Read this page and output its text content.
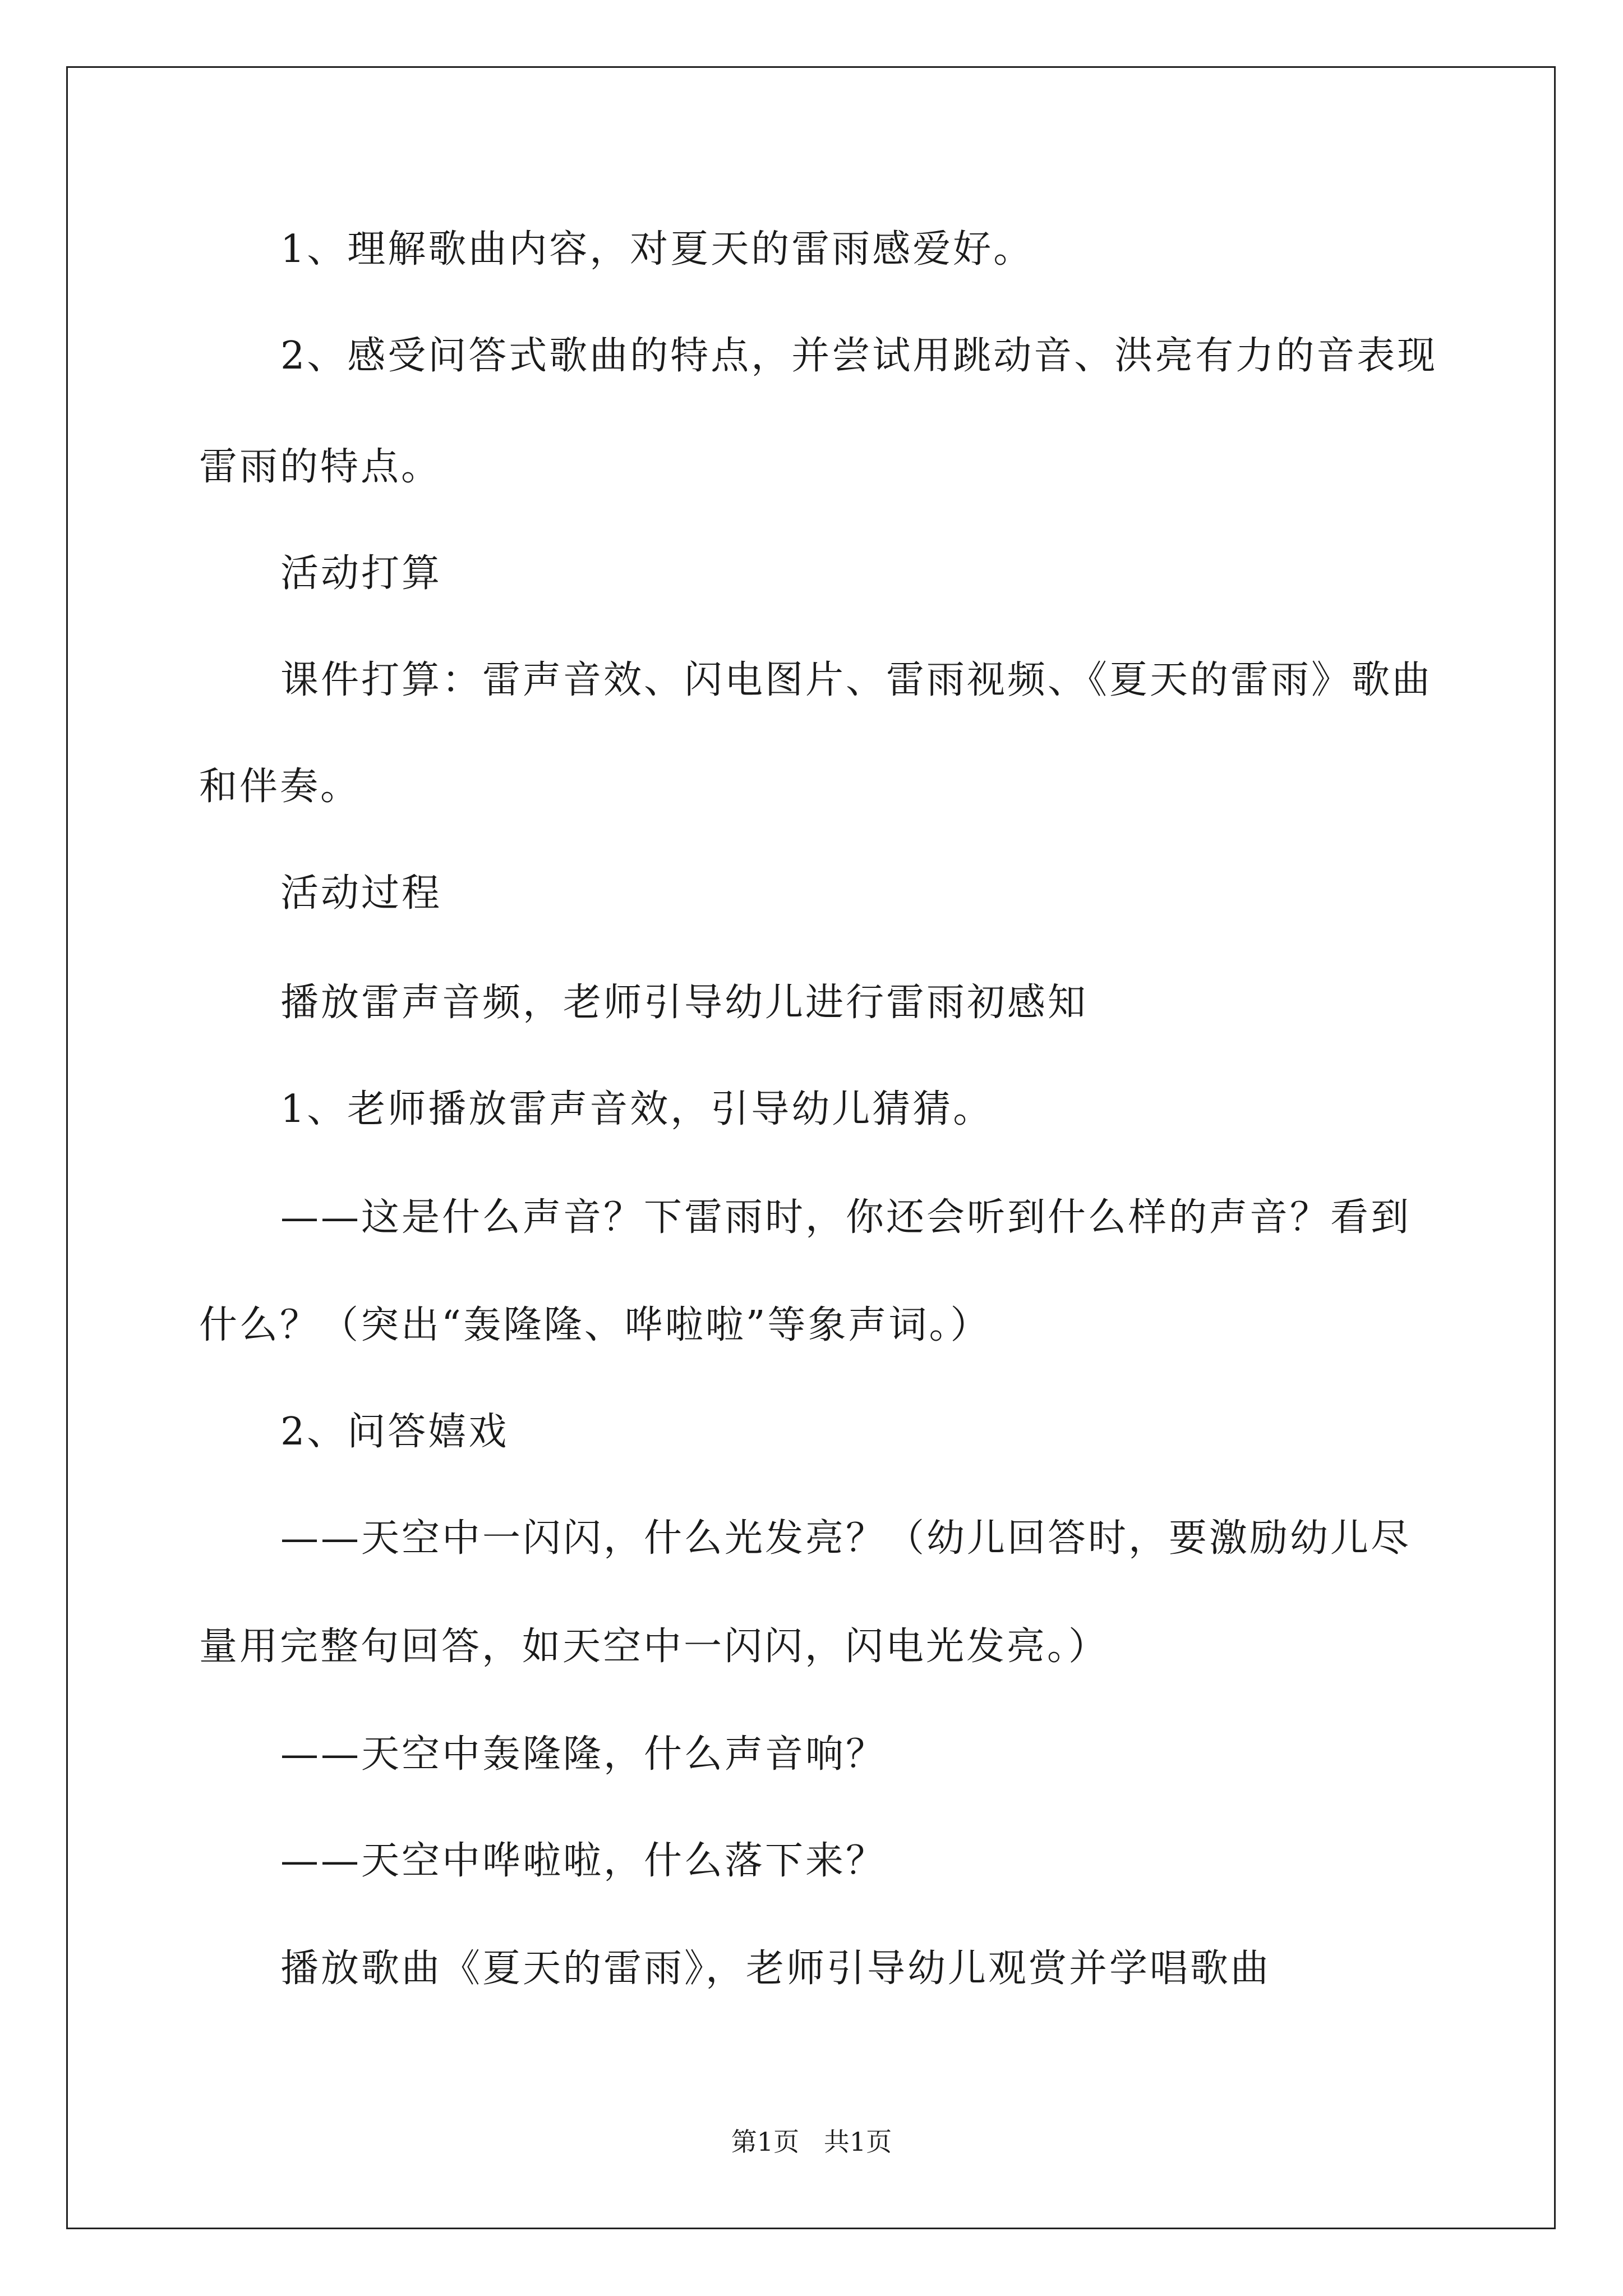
1、理解歌曲内容，对夏天的雷雨感爱好。

2、感受问答式歌曲的特点，并尝试用跳动音、洪亮有力的音表现

雷雨的特点。

活动打算

课件打算：雷声音效、闪电图片、雷雨视频、《夏天的雷雨》歌曲

和伴奏。

活动过程

播放雷声音频，老师引导幼儿进行雷雨初感知

1、老师播放雷声音效，引导幼儿猜猜。

——这是什么声音？下雷雨时，你还会听到什么样的声音？看到

什么？（突出“轰隆隆、哗啦啦”等象声词。）

2、问答嬉戏

——天空中一闪闪，什么光发亮？（幼儿回答时，要激励幼儿尽

量用完整句回答，如天空中一闪闪，闪电光发亮。）

——天空中轰隆隆，什么声音响？

——天空中哗啦啦，什么落下来？

播放歌曲《夏天的雷雨》，老师引导幼儿观赏并学唱歌曲

第1页   共1页
